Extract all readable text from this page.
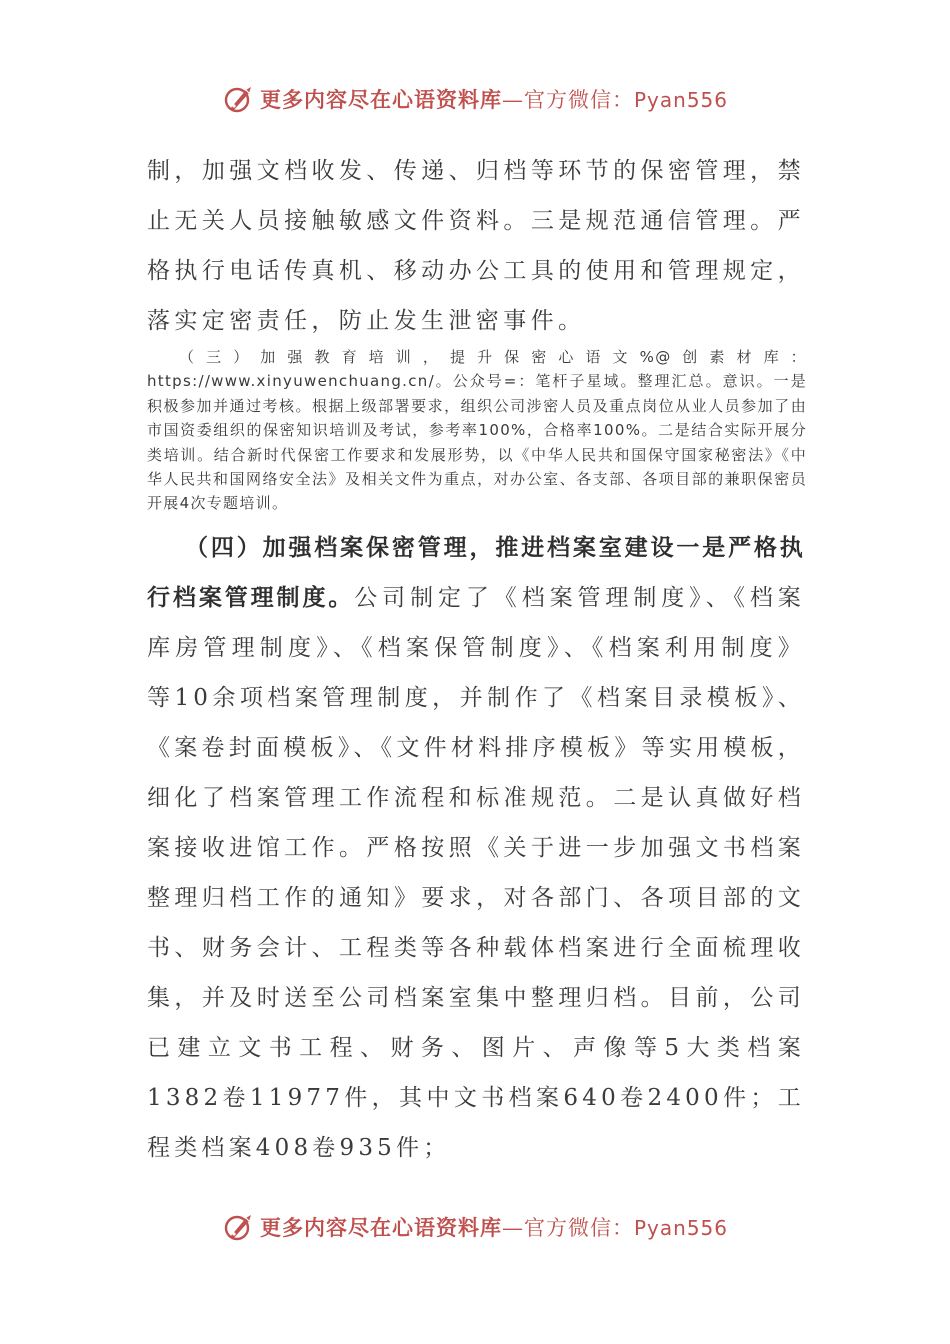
更多内容尽在心语资料库—官方微信：Pyan556
制，加强文档收发、传递、归档等环节的保密管理，禁止无关人员接触敏感文件资料。三是规范通信管理。严格执行电话传真机、移动办公工具的使用和管理规定，落实定密责任，防止发生泄密事件。
（三）加强教育培训，提升保密心语文%@创素材库：https://www.xinyuwenchuang.cn/。公众号=：笔杆子星域。整理汇总。意识。一是积极参加并通过考核。根据上级部署要求，组织公司涉密人员及重点岗位从业人员参加了由市国资委组织的保密知识培训及考试，参考率100%，合格率100%。二是结合实际开展分类培训。结合新时代保密工作要求和发展形势，以《中华人民共和国保守国家秘密法》《中华人民共和国网络安全法》及相关文件为重点，对办公室、各支部、各项目部的兼职保密员开展4次专题培训。
（四）加强档案保密管理，推进档案室建设一是严格执行档案管理制度。公司制定了《档案管理制度》、《档案库房管理制度》、《档案保管制度》、《档案利用制度》等10余项档案管理制度，并制作了《档案目录模板》、《案卷封面模板》、《文件材料排序模板》等实用模板，细化了档案管理工作流程和标准规范。二是认真做好档案接收进馆工作。严格按照《关于进一步加强文书档案整理归档工作的通知》要求，对各部门、各项目部的文书、财务会计、工程类等各种载体档案进行全面梳理收集，并及时送至公司档案室集中整理归档。目前，公司已建立文书工程、财务、图片、声像等5大类档案1382卷11977件，其中文书档案640卷2400件；工程类档案408卷935件；
更多内容尽在心语资料库—官方微信：Pyan556
